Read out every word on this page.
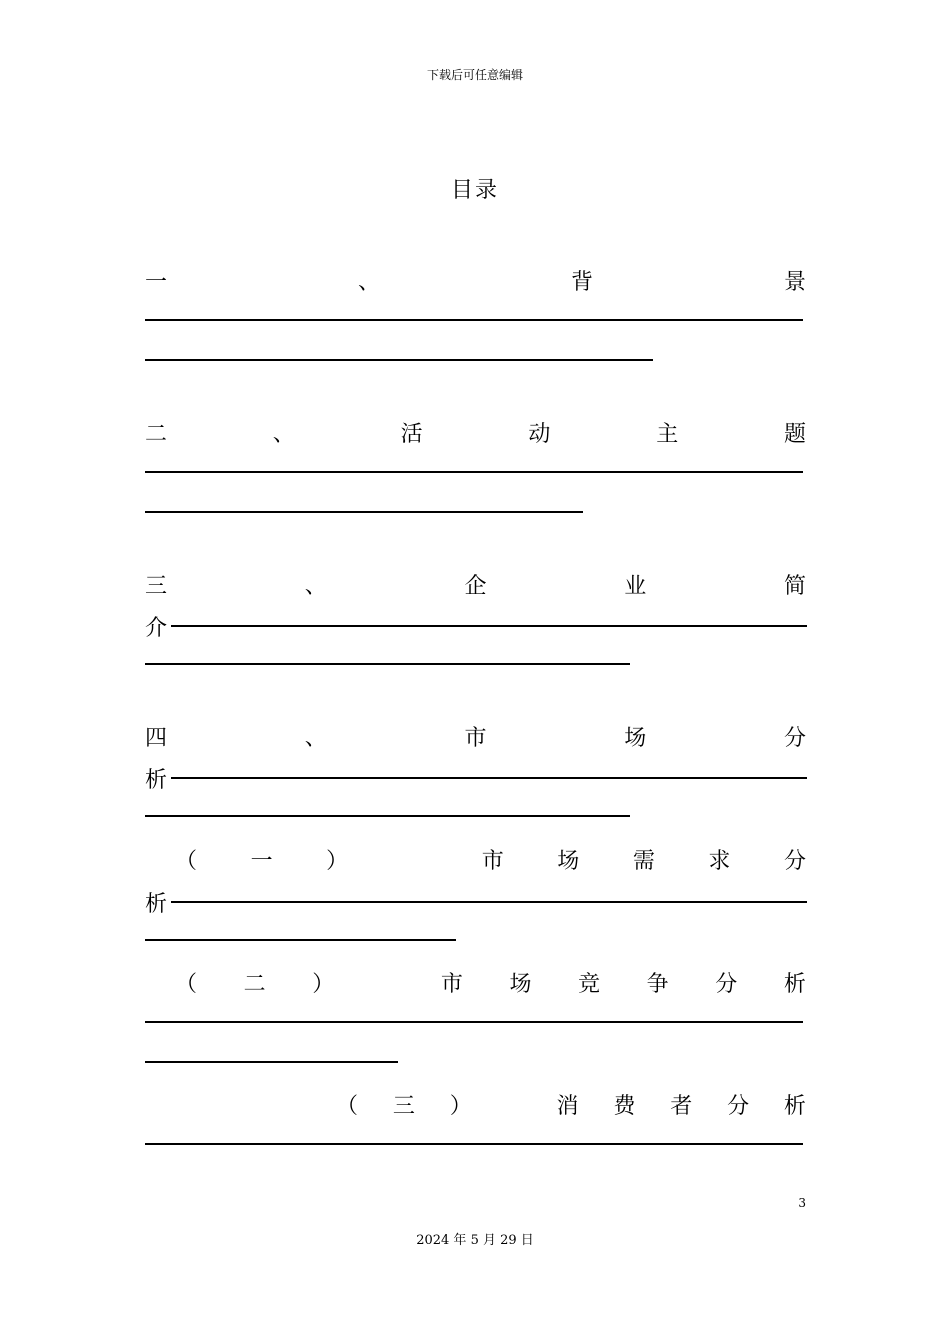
下载后可任意编辑
目录
一	、	背	景
二	、	活	动	主	题
三	、	企	业	简
介
四	、	市	场	分
析
（ 一 ）	市 场 需 求 分
析
（ 二 ）	市 场 竞 争 分 析
（ 三 ）	消 费 者 分 析
3
2024 年 5 月 29 日
